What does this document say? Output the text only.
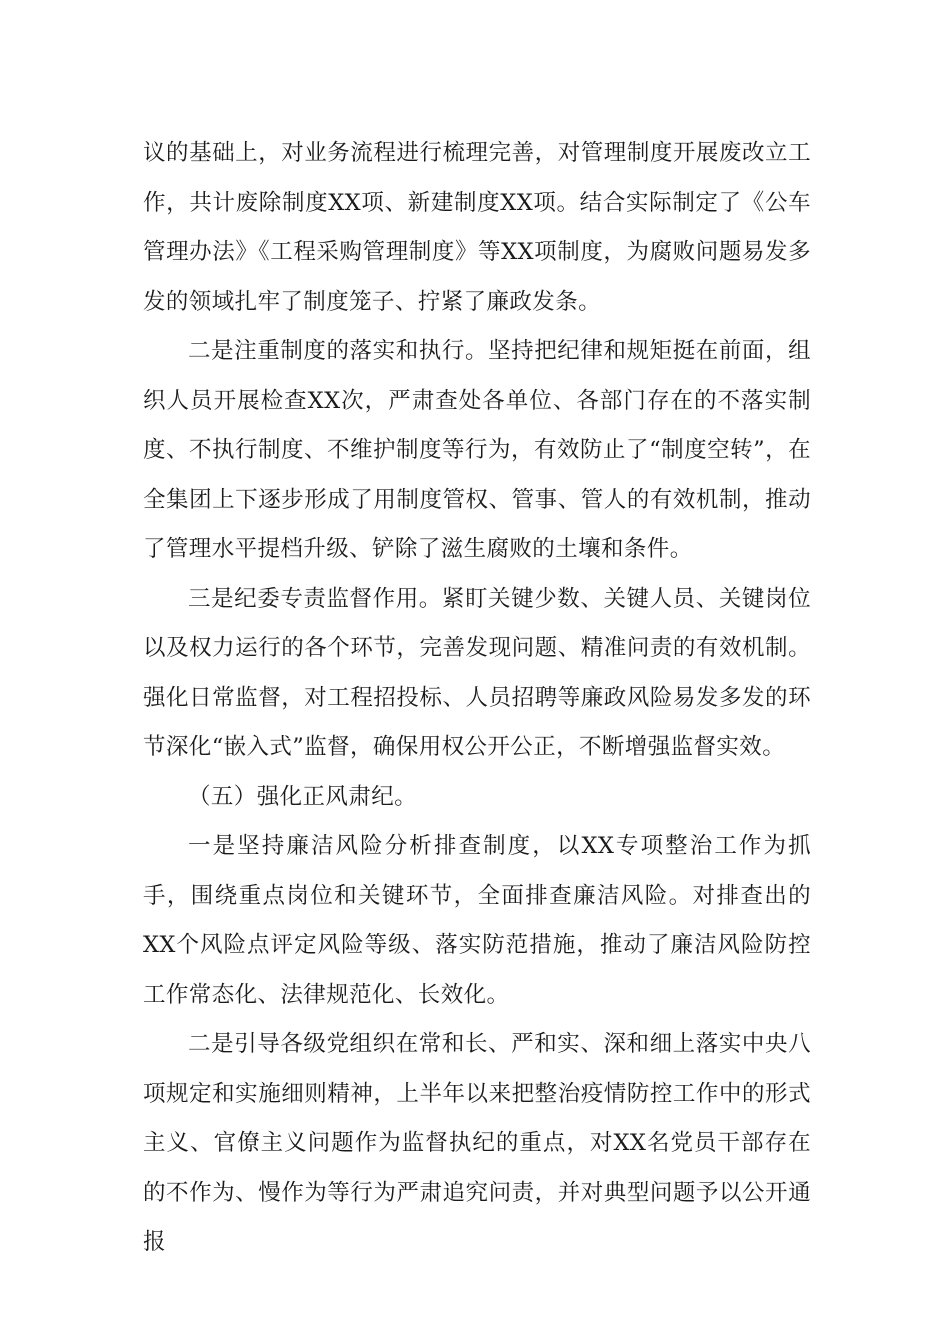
议的基础上，对业务流程进行梳理完善，对管理制度开展废改立工作，共计废除制度XX项、新建制度XX项。结合实际制定了《公车管理办法》《工程采购管理制度》等XX项制度，为腐败问题易发多发的领域扎牢了制度笼子、拧紧了廉政发条。

二是注重制度的落实和执行。坚持把纪律和规矩挺在前面，组织人员开展检查XX次，严肃查处各单位、各部门存在的不落实制度、不执行制度、不维护制度等行为，有效防止了“制度空转”，在全集团上下逐步形成了用制度管权、管事、管人的有效机制，推动了管理水平提档升级、铲除了滋生腐败的土壤和条件。

三是纪委专责监督作用。紧盯关键少数、关键人员、关键岗位以及权力运行的各个环节，完善发现问题、精准问责的有效机制。强化日常监督，对工程招投标、人员招聘等廉政风险易发多发的环节深化“嵌入式”监督，确保用权公开公正，不断增强监督实效。

（五）强化正风肃纪。

一是坚持廉洁风险分析排查制度，以XX专项整治工作为抓手，围绕重点岗位和关键环节，全面排查廉洁风险。对排查出的XX个风险点评定风险等级、落实防范措施，推动了廉洁风险防控工作常态化、法律规范化、长效化。

二是引导各级党组织在常和长、严和实、深和细上落实中央八项规定和实施细则精神，上半年以来把整治疫情防控工作中的形式主义、官僚主义问题作为监督执纪的重点，对XX名党员干部存在的不作为、慢作为等行为严肃追究问责，并对典型问题予以公开通报
